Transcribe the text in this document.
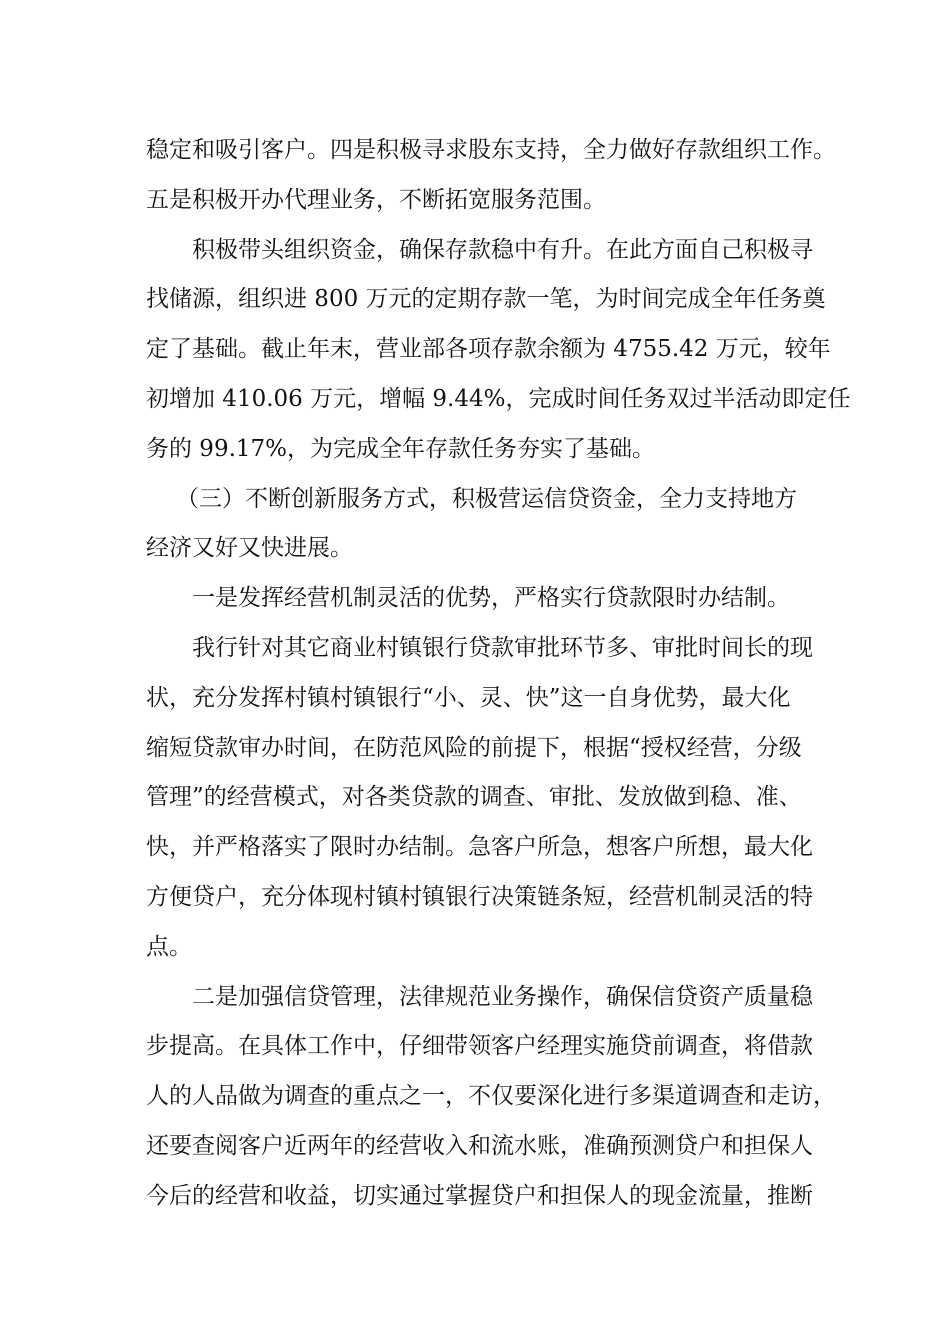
稳定和吸引客户。四是积极寻求股东支持，全力做好存款组织工作。
五是积极开办代理业务，不断拓宽服务范围。
积极带头组织资金，确保存款稳中有升。在此方面自己积极寻
找储源，组织进 800 万元的定期存款一笔，为时间完成全年任务奠
定了基础。截止年末，营业部各项存款余额为 4755.42 万元，较年
初增加 410.06 万元，增幅 9.44%，完成时间任务双过半活动即定任
务的 99.17%，为完成全年存款任务夯实了基础。
（三）不断创新服务方式，积极营运信贷资金，全力支持地方
经济又好又快进展。
一是发挥经营机制灵活的优势，严格实行贷款限时办结制。
我行针对其它商业村镇银行贷款审批环节多、审批时间长的现
状，充分发挥村镇村镇银行“小、灵、快”这一自身优势，最大化
缩短贷款审办时间，在防范风险的前提下，根据“授权经营，分级
管理”的经营模式，对各类贷款的调查、审批、发放做到稳、准、
快，并严格落实了限时办结制。急客户所急，想客户所想，最大化
方便贷户，充分体现村镇村镇银行决策链条短，经营机制灵活的特
点。
二是加强信贷管理，法律规范业务操作，确保信贷资产质量稳
步提高。在具体工作中，仔细带领客户经理实施贷前调查，将借款
人的人品做为调查的重点之一，不仅要深化进行多渠道调查和走访，
还要查阅客户近两年的经营收入和流水账，准确预测贷户和担保人
今后的经营和收益，切实通过掌握贷户和担保人的现金流量，推断
